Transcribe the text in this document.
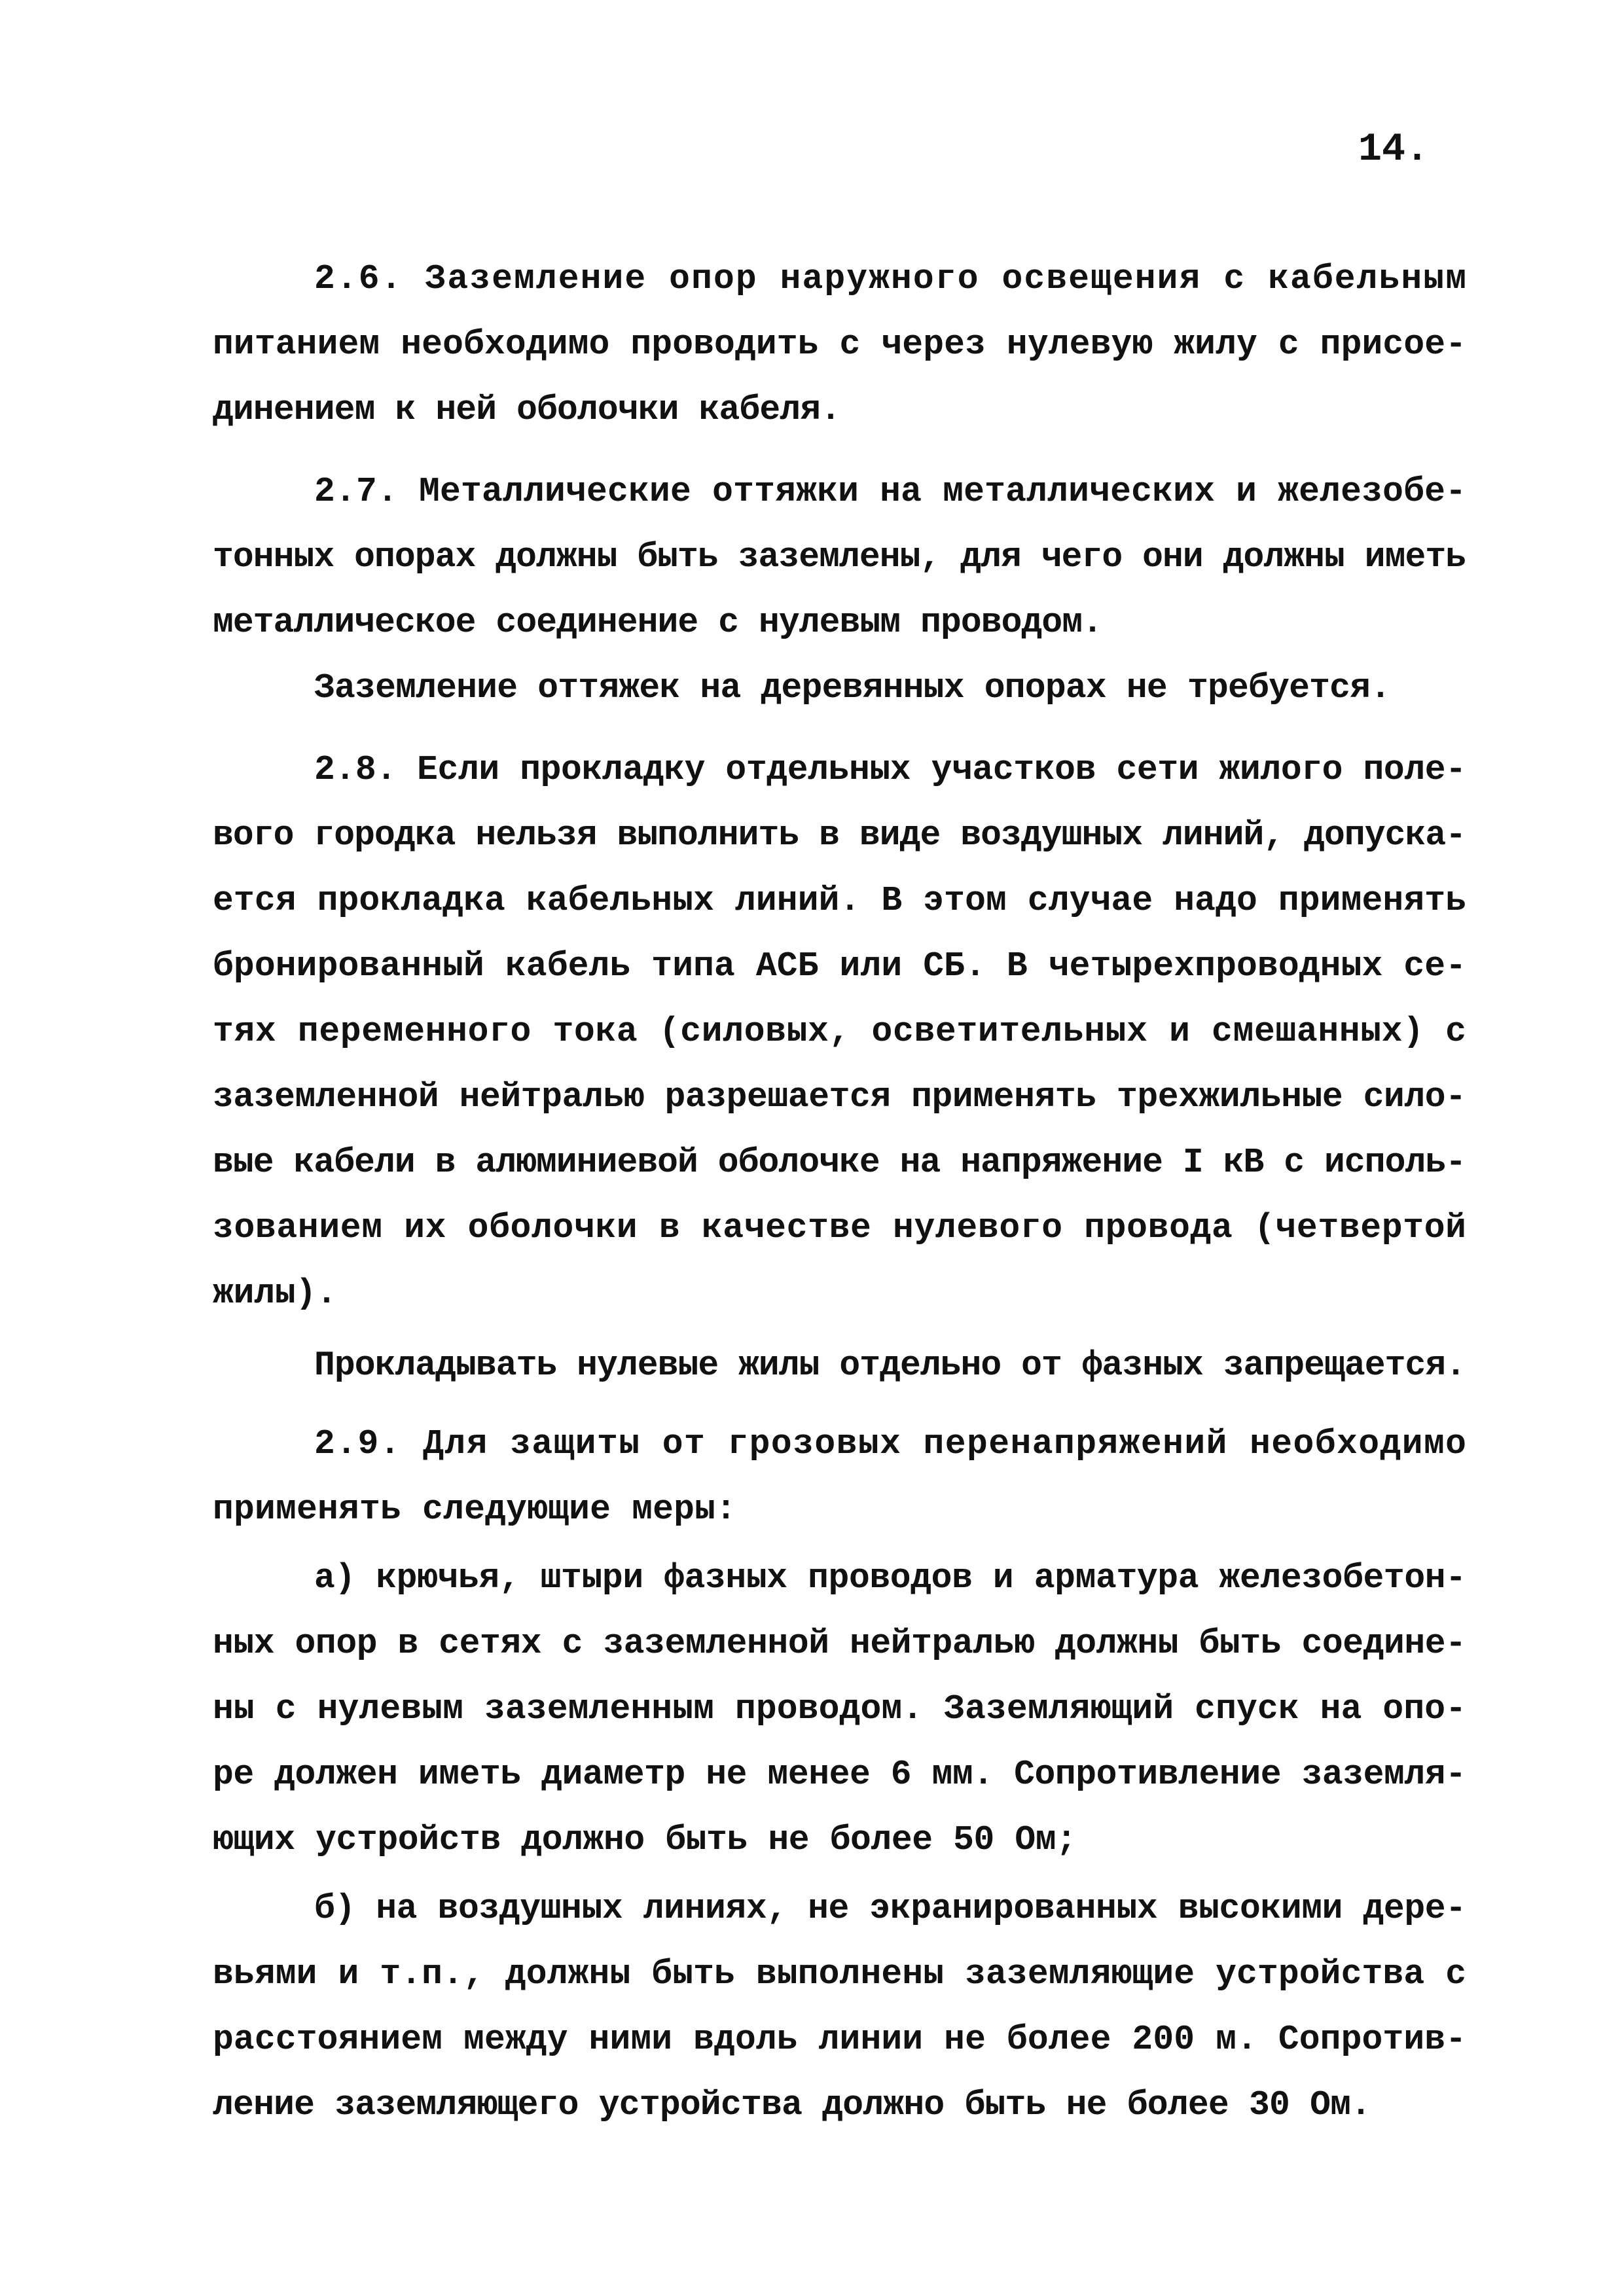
14.
2.6. Заземление опор наружного освещения с кабельным
питанием необходимо проводить с через нулевую жилу с присое-
динением к ней оболочки кабеля.
2.7. Металлические оттяжки на металлических и железобе-
тонных опорах должны быть заземлены, для чего они должны иметь
металлическое соединение с нулевым проводом.
Заземление оттяжек на деревянных опорах не требуется.
2.8. Если прокладку отдельных участков сети жилого поле-
вого городка нельзя выполнить в виде воздушных линий, допуска-
ется прокладка кабельных линий. В этом случае надо применять
бронированный кабель типа АСБ или СБ. В четырехпроводных се-
тях переменного тока (силовых, осветительных и смешанных) с
заземленной нейтралью разрешается применять трехжильные сило-
вые кабели в алюминиевой оболочке на напряжение I кВ с исполь-
зованием их оболочки в качестве нулевого провода (четвертой
жилы).
Прокладывать нулевые жилы отдельно от фазных запрещается.
2.9. Для защиты от грозовых перенапряжений необходимо
применять следующие меры:
а) крючья, штыри фазных проводов и арматура железобетон-
ных опор в сетях с заземленной нейтралью должны быть соедине-
ны с нулевым заземленным проводом. Заземляющий спуск на опо-
ре должен иметь диаметр не менее 6 мм. Сопротивление заземля-
ющих устройств должно быть не более 50 Ом;
б) на воздушных линиях, не экранированных высокими дере-
вьями и т.п., должны быть выполнены заземляющие устройства с
расстоянием между ними вдоль линии не более 200 м. Сопротив-
ление заземляющего устройства должно быть не более 30 Ом.
